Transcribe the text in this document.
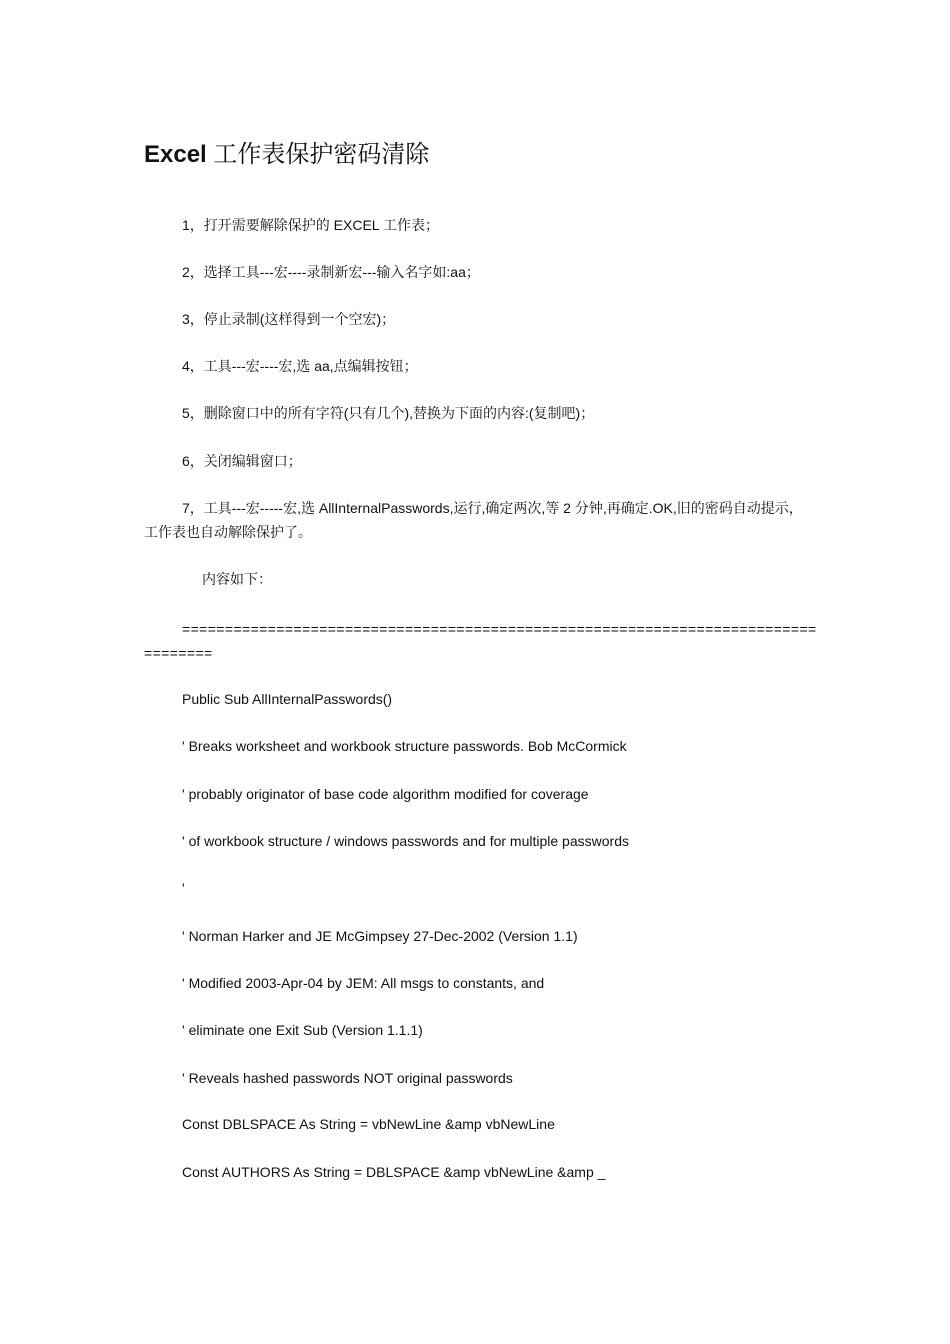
Excel 工作表保护密码清除
1，打开需要解除保护的 EXCEL 工作表；
2，选择工具---宏----录制新宏---输入名字如:aa；
3，停止录制(这样得到一个空宏)；
4，工具---宏----宏,选 aa,点编辑按钮；
5，删除窗口中的所有字符(只有几个),替换为下面的内容:(复制吧)；
6，关闭编辑窗口；
7，工具---宏-----宏,选 AllInternalPasswords,运行,确定两次,等 2 分钟,再确定.OK,旧的密码自动提示，
工作表也自动解除保护了。
内容如下：
==========================================================================
========
Public Sub AllInternalPasswords()
' Breaks worksheet and workbook structure passwords. Bob McCormick
' probably originator of base code algorithm modified for coverage
' of workbook structure / windows passwords and for multiple passwords
'
' Norman Harker and JE McGimpsey 27-Dec-2002 (Version 1.1)
' Modified 2003-Apr-04 by JEM: All msgs to constants, and
' eliminate one Exit Sub (Version 1.1.1)
' Reveals hashed passwords NOT original passwords
Const DBLSPACE As String = vbNewLine &amp vbNewLine
Const AUTHORS As String = DBLSPACE &amp vbNewLine &amp _
